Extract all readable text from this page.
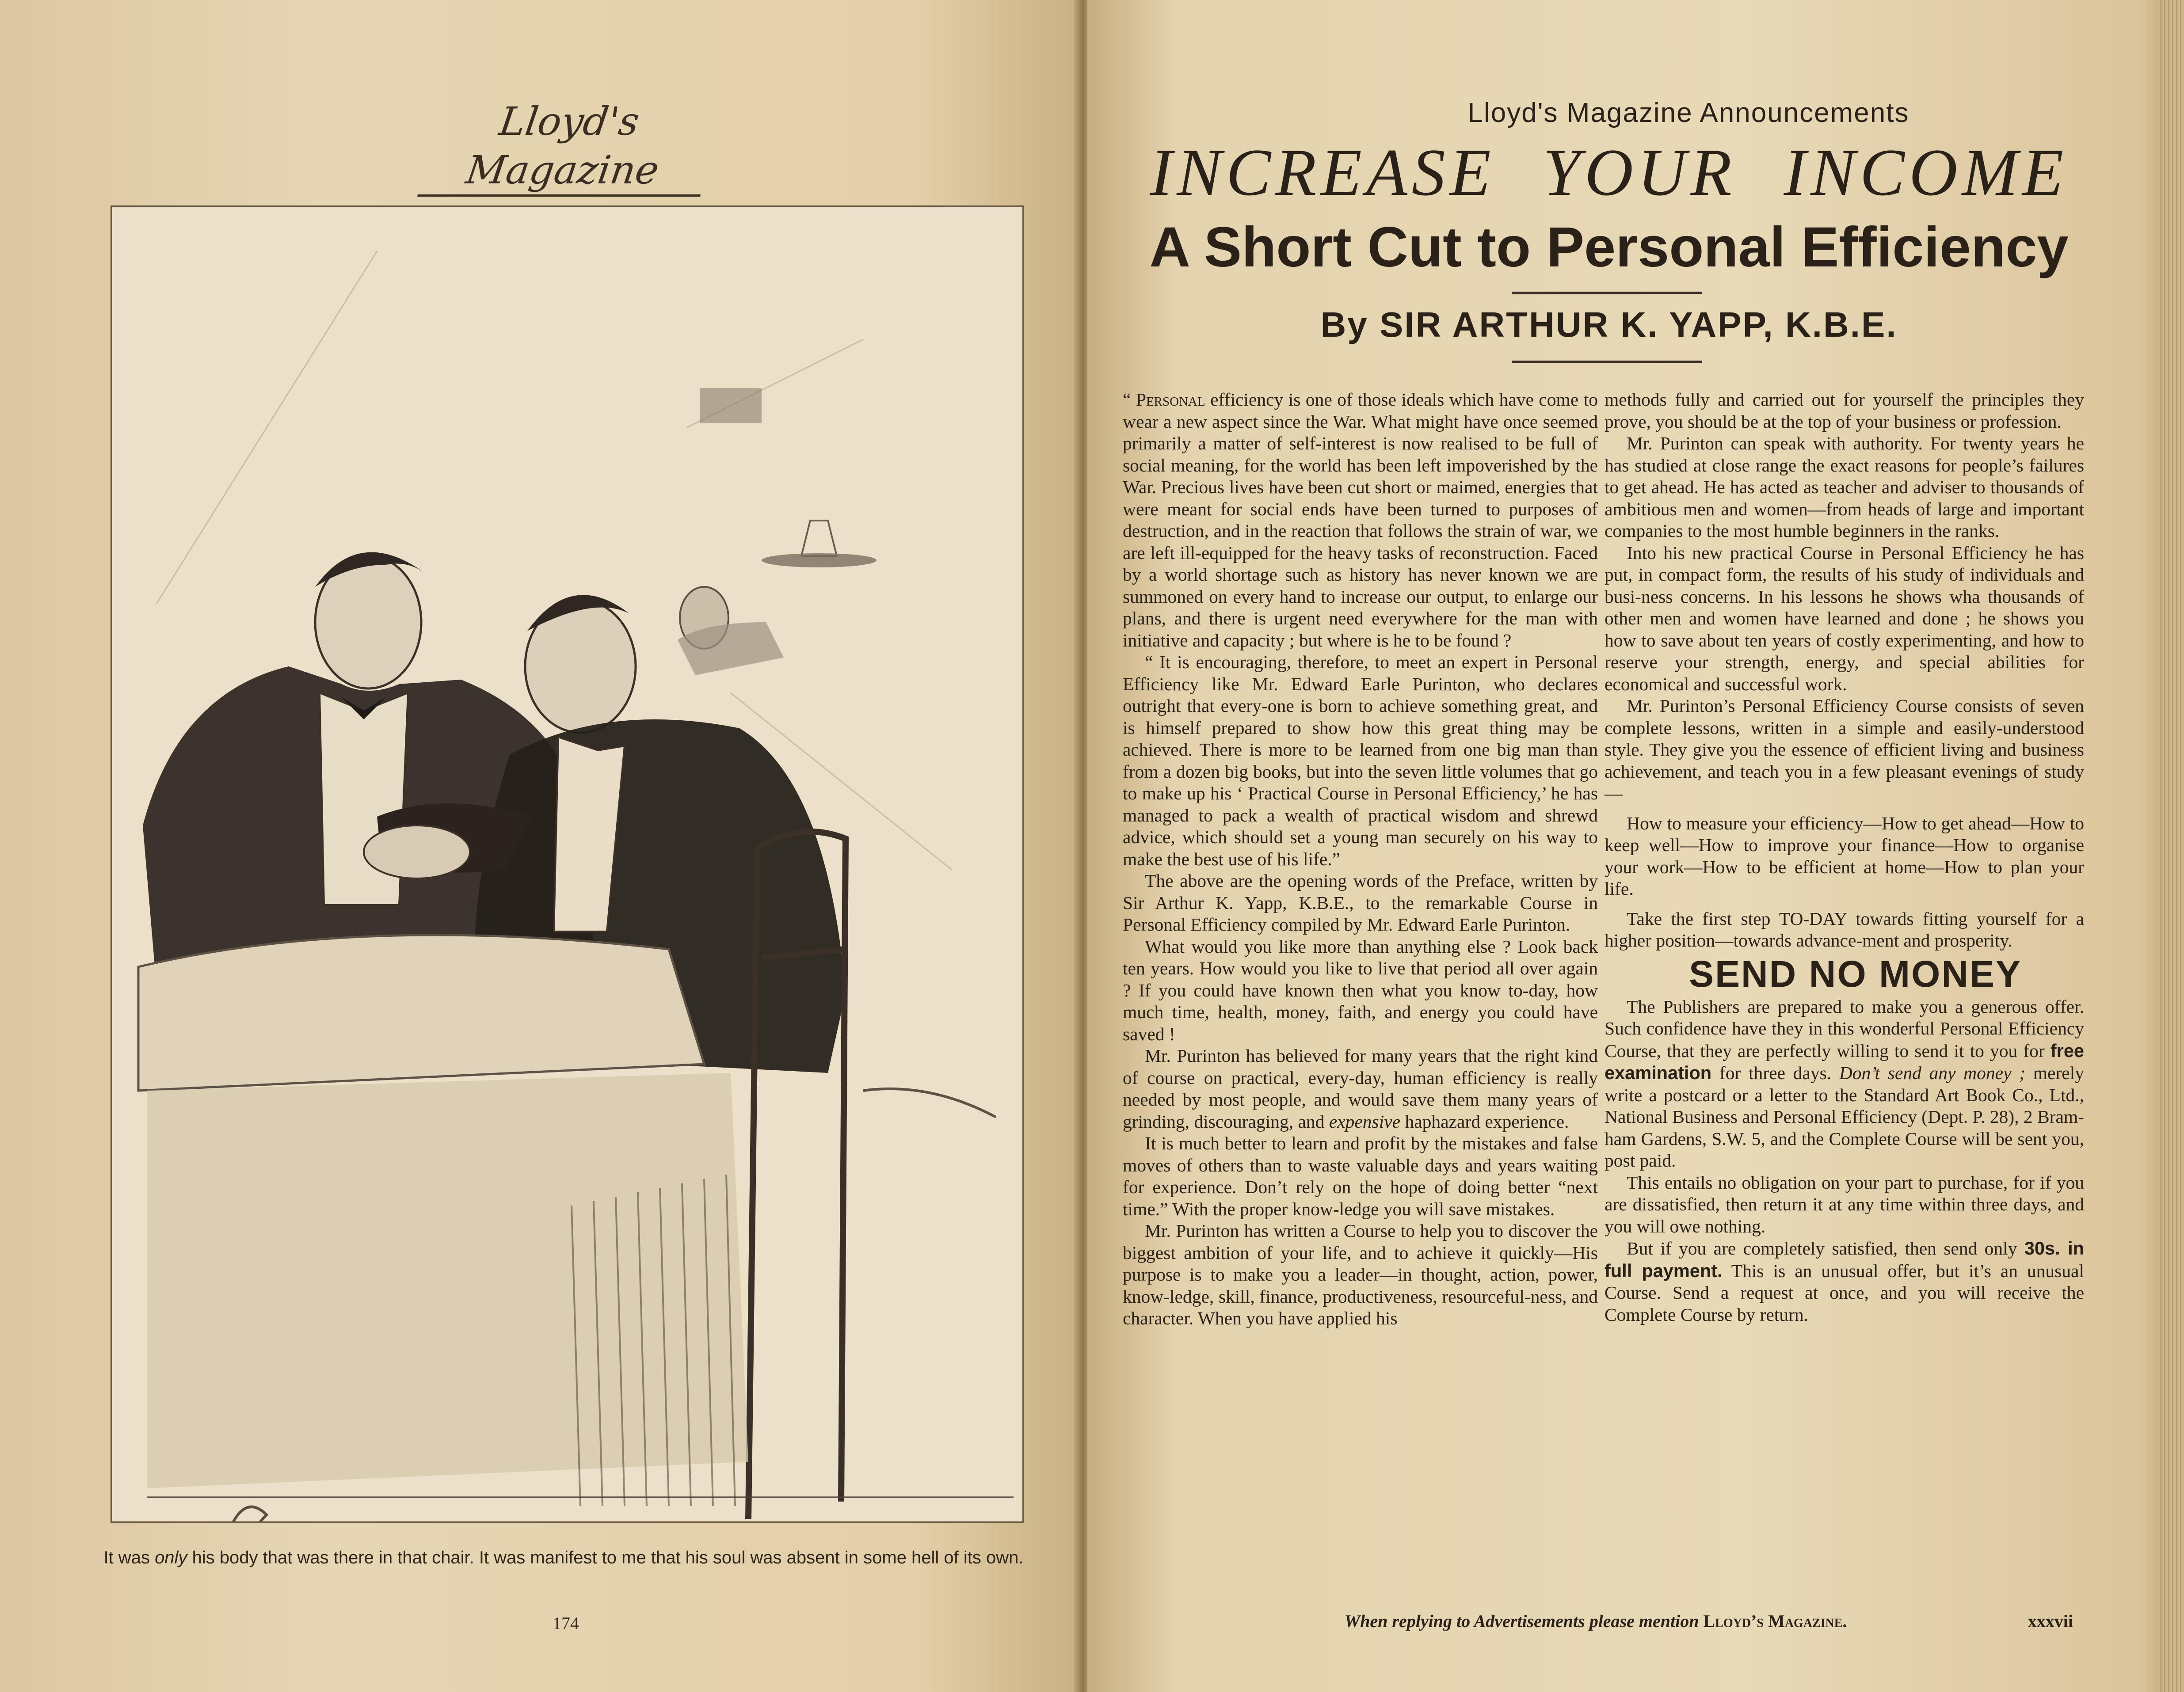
Lloyd's Magazine
It was only his body that was there in that chair. It was manifest to me that his soul was absent in some hell of its own.
174
Lloyd's Magazine Announcements
INCREASE YOUR INCOME
A Short Cut to Personal Efficiency
By SIR ARTHUR K. YAPP, K.B.E.

“ Personal efficiency is one of those ideals which have come to wear a new aspect since the War. What might have once seemed primarily a matter of self-interest is now realised to be full of social meaning, for the world has been left impoverished by the War. Precious lives have been cut short or maimed, energies that were meant for social ends have been turned to purposes of destruction, and in the reaction that follows the strain of war, we are left ill-equipped for the heavy tasks of reconstruction. Faced by a world shortage such as history has never known we are summoned on every hand to increase our output, to enlarge our plans, and there is urgent need everywhere for the man with initiative and capacity ; but where is he to be found ?

“ It is encouraging, therefore, to meet an expert in Personal Efficiency like Mr. Edward Earle Purinton, who declares outright that every-one is born to achieve something great, and is himself prepared to show how this great thing may be achieved. There is more to be learned from one big man than from a dozen big books, but into the seven little volumes that go to make up his ‘ Practical Course in Personal Efficiency,’ he has managed to pack a wealth of practical wisdom and shrewd advice, which should set a young man securely on his way to make the best use of his life.”

The above are the opening words of the Preface, written by Sir Arthur K. Yapp, K.B.E., to the remarkable Course in Personal Efficiency compiled by Mr. Edward Earle Purinton.

What would you like more than anything else ? Look back ten years. How would you like to live that period all over again ? If you could have known then what you know to-day, how much time, health, money, faith, and energy you could have saved !

Mr. Purinton has believed for many years that the right kind of course on practical, every-day, human efficiency is really needed by most people, and would save them many years of grinding, discouraging, and expensive haphazard experience.

It is much better to learn and profit by the mistakes and false moves of others than to waste valuable days and years waiting for experience. Don’t rely on the hope of doing better “next time.” With the proper know-ledge you will save mistakes.

Mr. Purinton has written a Course to help you to discover the biggest ambition of your life, and to achieve it quickly—His purpose is to make you a leader—in thought, action, power, know-ledge, skill, finance, productiveness, resourceful-ness, and character. When you have applied his

methods fully and carried out for yourself the principles they prove, you should be at the top of your business or profession.

Mr. Purinton can speak with authority. For twenty years he has studied at close range the exact reasons for people’s failures to get ahead. He has acted as teacher and adviser to thousands of ambitious men and women—from heads of large and important companies to the most humble beginners in the ranks.

Into his new practical Course in Personal Efficiency he has put, in compact form, the results of his study of individuals and busi-ness concerns. In his lessons he shows wha thousands of other men and women have learned and done ; he shows you how to save about ten years of costly experimenting, and how to reserve your strength, energy, and special abilities for economical and successful work.

Mr. Purinton’s Personal Efficiency Course consists of seven complete lessons, written in a simple and easily-understood style. They give you the essence of efficient living and business achievement, and teach you in a few pleasant evenings of study—

How to measure your efficiency—How to get ahead—How to keep well—How to improve your finance—How to organise your work—How to be efficient at home—How to plan your life.

Take the first step TO-DAY towards fitting yourself for a higher position—towards advance-ment and prosperity.

SEND NO MONEY

The Publishers are prepared to make you a generous offer. Such confidence have they in this wonderful Personal Efficiency Course, that they are perfectly willing to send it to you for free examination for three days. Don’t send any money ; merely write a postcard or a letter to the Standard Art Book Co., Ltd., National Business and Personal Efficiency (Dept. P. 28), 2 Bram-ham Gardens, S.W. 5, and the Complete Course will be sent you, post paid.

This entails no obligation on your part to purchase, for if you are dissatisfied, then return it at any time within three days, and you will owe nothing.

But if you are completely satisfied, then send only 30s. in full payment. This is an unusual offer, but it’s an unusual Course. Send a request at once, and you will receive the Complete Course by return.

When replying to Advertisements please mention Lloyd’s Magazine.	xxxvii
